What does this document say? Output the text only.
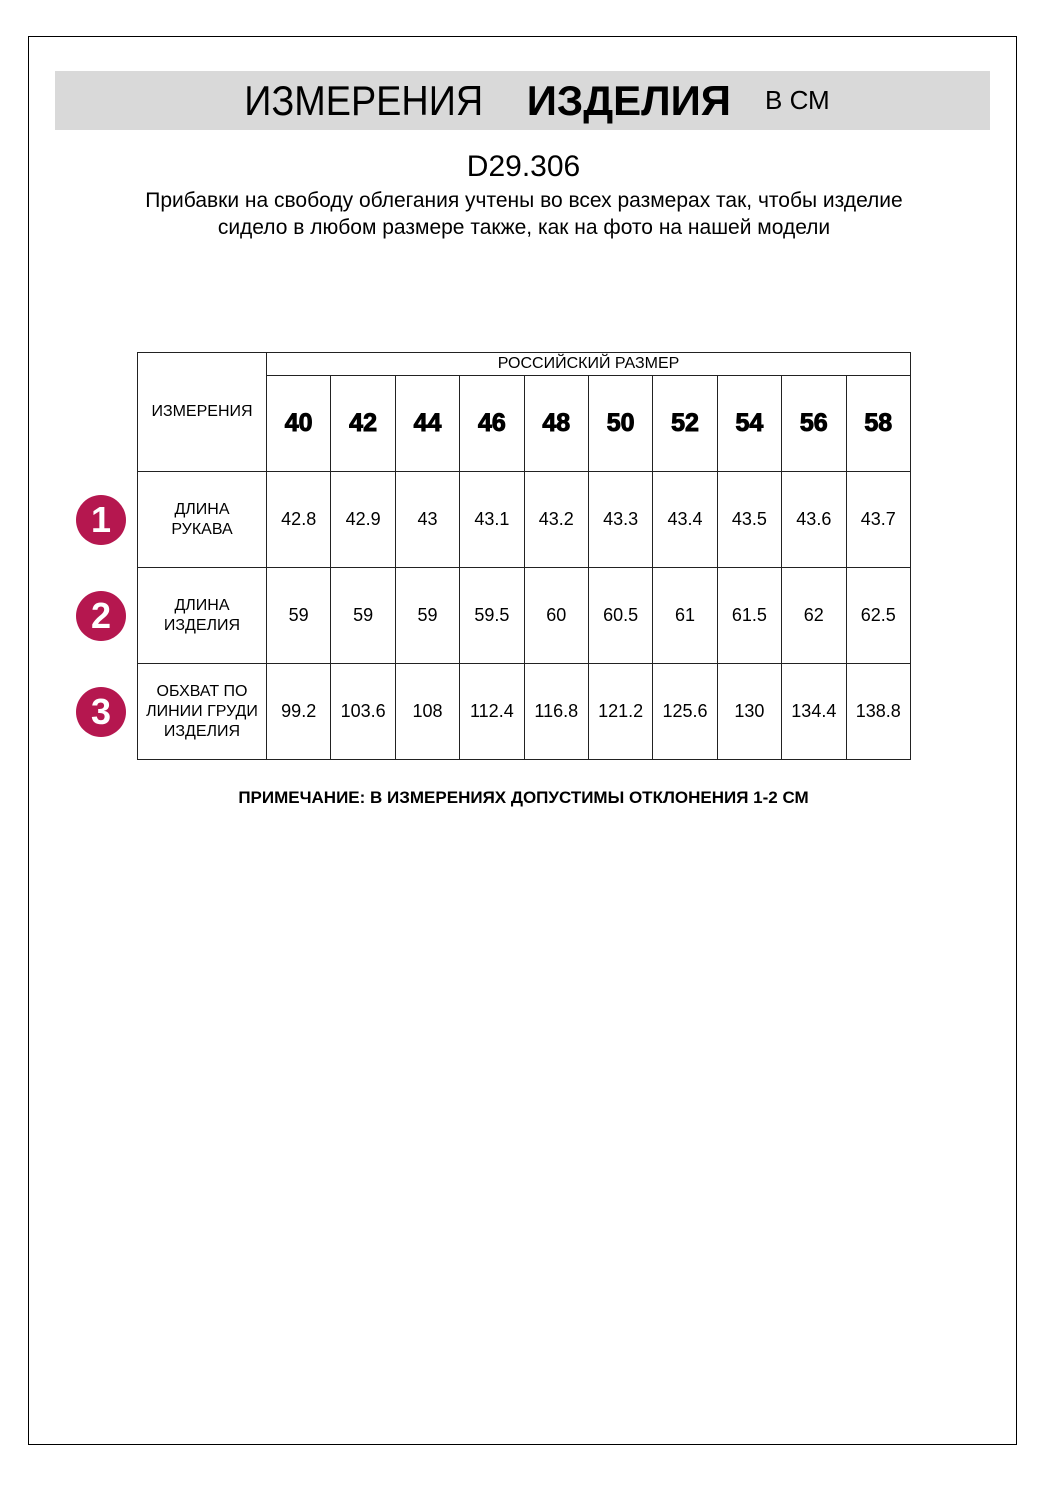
ИЗМЕРЕНИЯ ИЗДЕЛИЯ В СМ
D29.306
Прибавки на свободу облегания учтены во всех размерах так, чтобы изделие сидело в любом размере также, как на фото на нашей модели
ИЗМЕРЕНИЯ	РОССИЙСКИЙ РАЗМЕР									
	40	42	44	46	48	50	52	54	56	58
ДЛИНА РУКАВА	42.8	42.9	43	43.1	43.2	43.3	43.4	43.5	43.6	43.7
ДЛИНА ИЗДЕЛИЯ	59	59	59	59.5	60	60.5	61	61.5	62	62.5
ОБХВАТ ПО ЛИНИИ ГРУДИ ИЗДЕЛИЯ	99.2	103.6	108	112.4	116.8	121.2	125.6	130	134.4	138.8
1
2
3
ПРИМЕЧАНИЕ: В ИЗМЕРЕНИЯХ ДОПУСТИМЫ ОТКЛОНЕНИЯ 1-2 СМ
